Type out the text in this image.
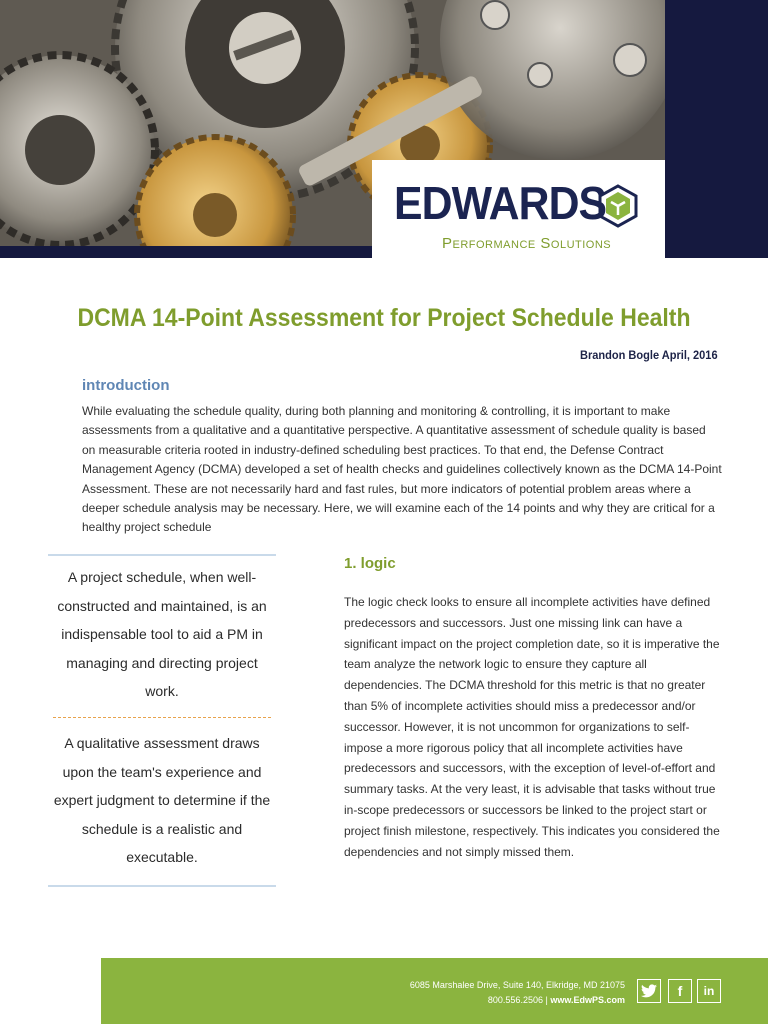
EDWARDS
Performance Solutions
DCMA 14-Point Assessment for Project Schedule Health
Brandon Bogle April, 2016
introduction

While evaluating the schedule quality, during both planning and monitoring & controlling, it is important to make assessments from a qualitative and a quantitative perspective. A quantitative assessment of schedule quality is based on measurable criteria rooted in industry-defined scheduling best practices. To that end, the Defense Contract Management Agency (DCMA) developed a set of health checks and guidelines collectively known as the DCMA 14-Point Assessment. These are not necessarily hard and fast rules, but more indicators of potential problem areas where a deeper schedule analysis may be necessary. Here, we will examine each of the 14 points and why they are critical for a healthy project schedule

A project schedule, when well-constructed and maintained, is an indispensable tool to aid a PM in managing and directing project work.

A qualitative assessment draws upon the team's experience and expert judgment to determine if the schedule is a realistic and executable.

1. logic

The logic check looks to ensure all incomplete activities have defined predecessors and successors. Just one missing link can have a significant impact on the project completion date, so it is imperative the team analyze the network logic to ensure they capture all dependencies. The DCMA threshold for this metric is that no greater than 5% of incomplete activities should miss a predecessor and/or successor. However, it is not uncommon for organizations to self-impose a more rigorous policy that all incomplete activities have predecessors and successors, with the exception of level-of-effort and summary tasks. At the very least, it is advisable that tasks without true in-scope predecessors or successors be linked to the project start or project finish milestone, respectively. This indicates you considered the dependencies and not simply missed them.

6085 Marshalee Drive, Suite 140, Elkridge, MD 21075
800.556.2506 | www.EdwPS.com
f	in
